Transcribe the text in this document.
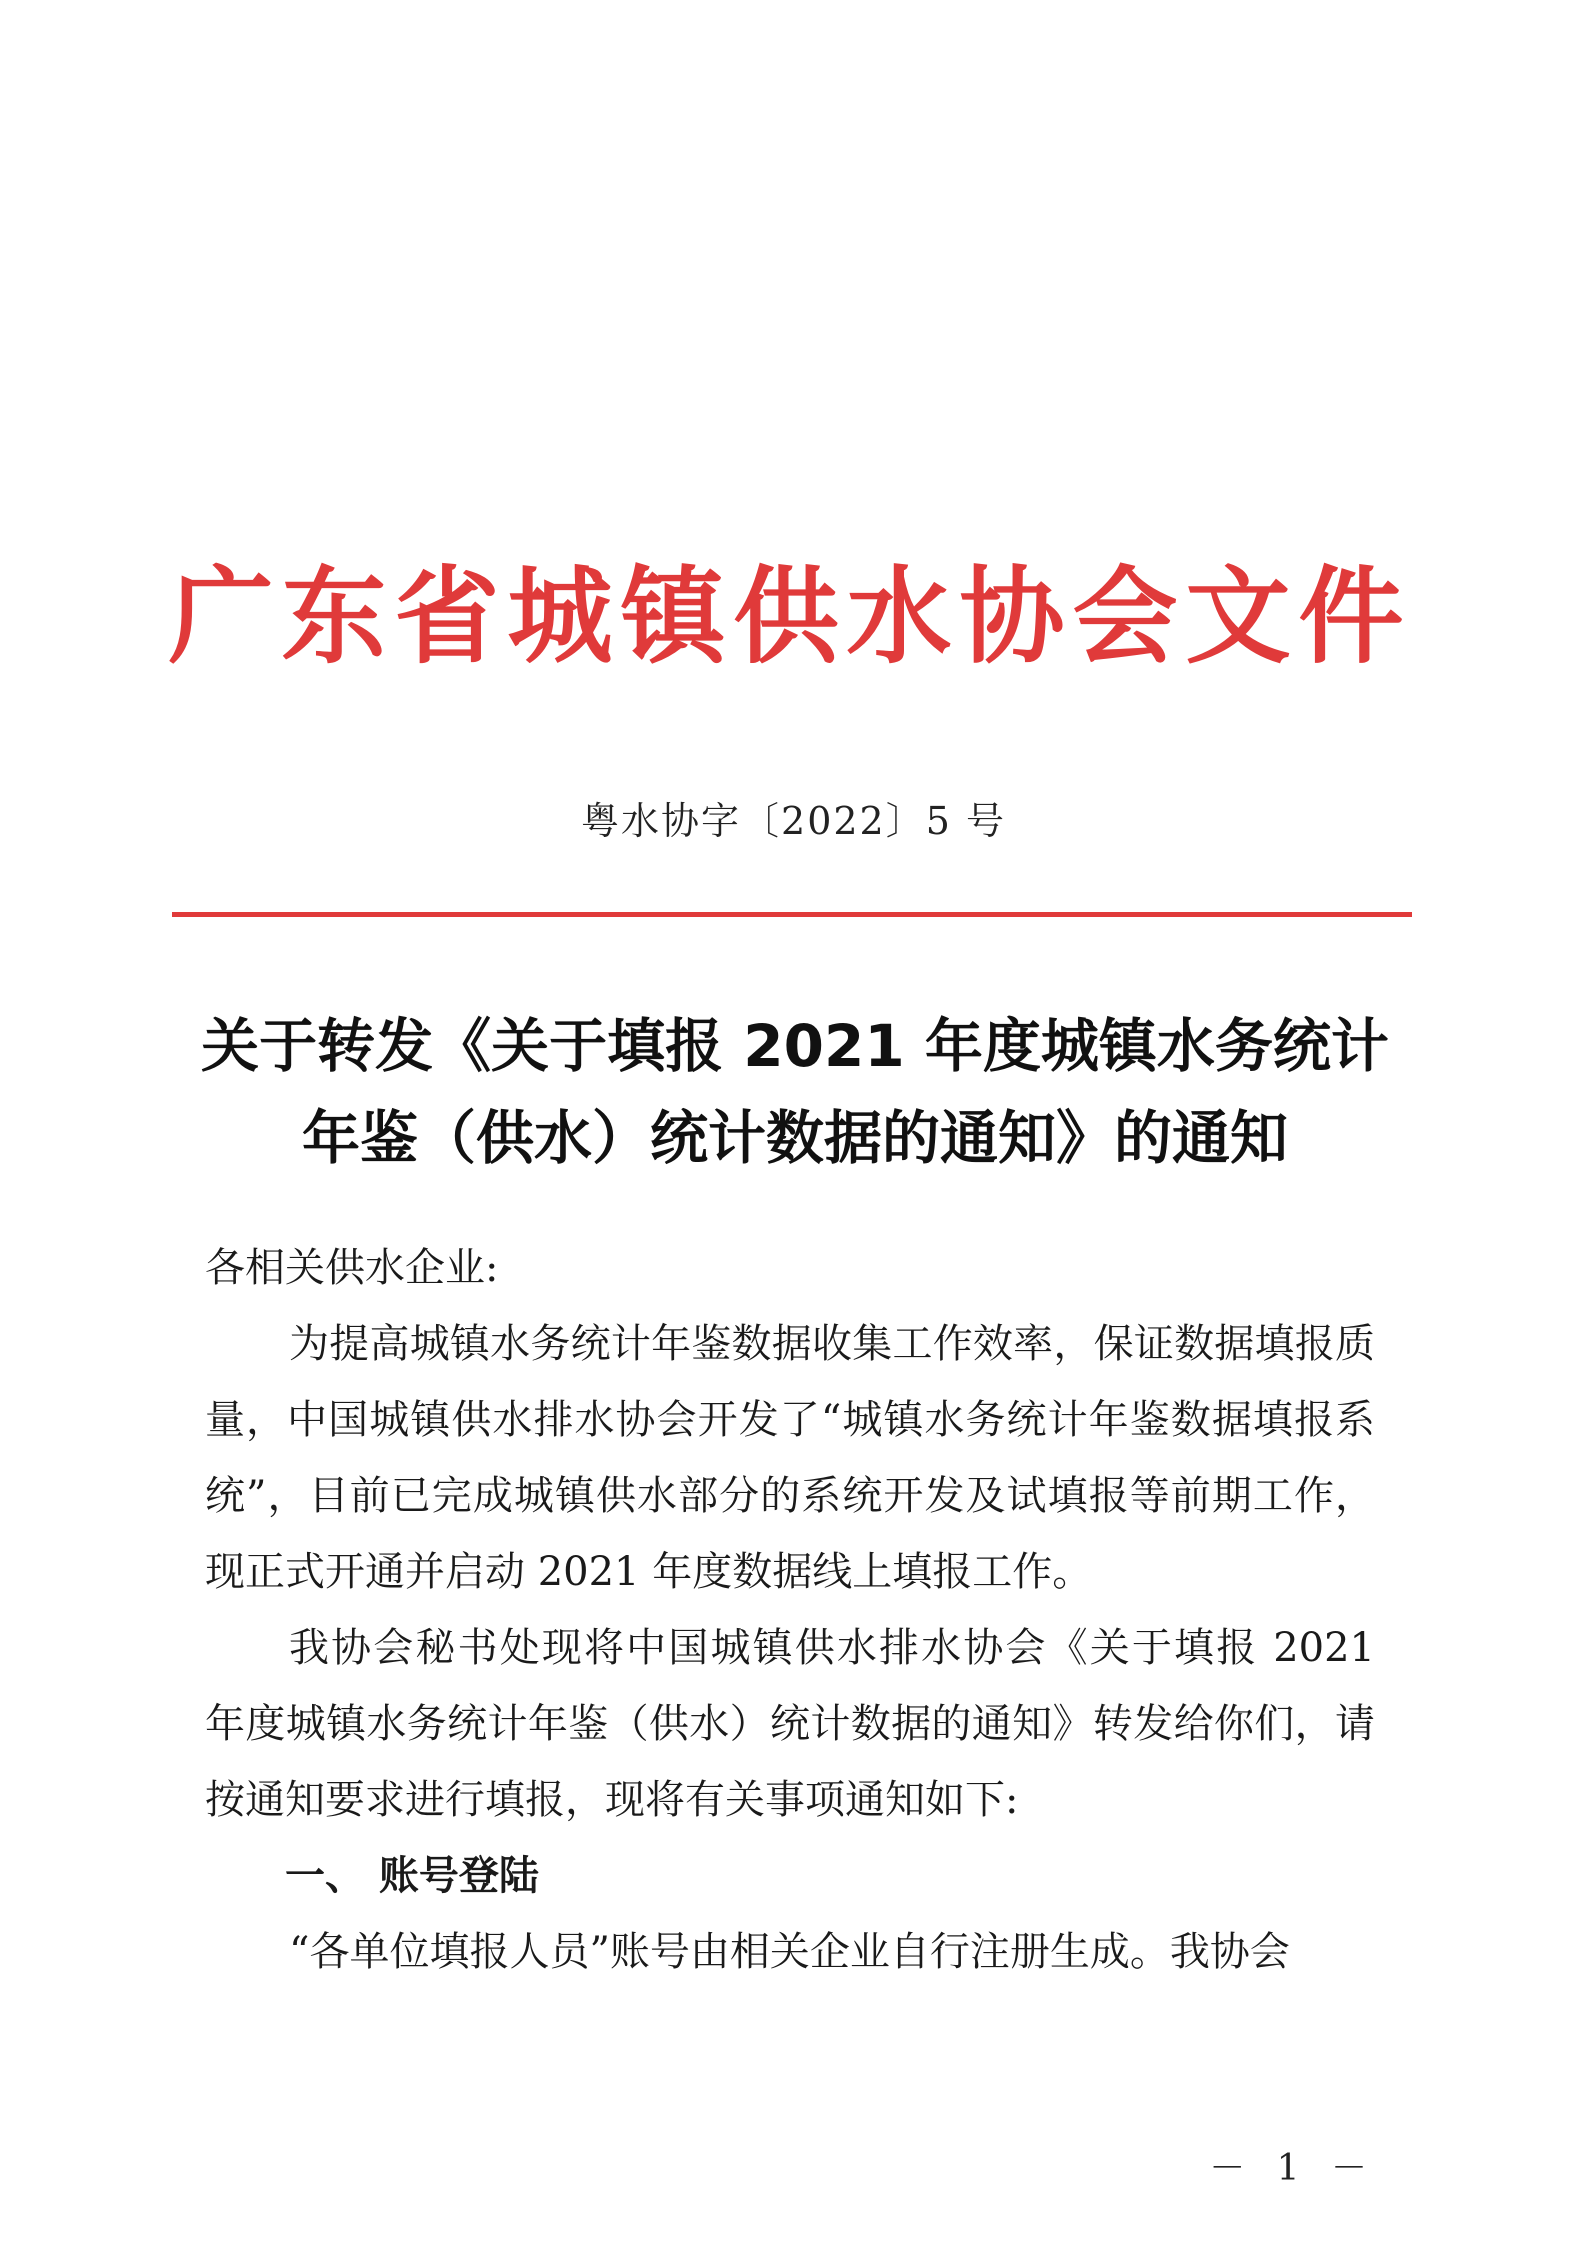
广东省城镇供水协会文件
粤水协字〔2022〕5 号
关于转发《关于填报 2021 年度城镇水务统计
年鉴（供水）统计数据的通知》的通知

各相关供水企业:

为提高城镇水务统计年鉴数据收集工作效率，保证数据填报质量，中国城镇供水排水协会开发了“城镇水务统计年鉴数据填报系统”，目前已完成城镇供水部分的系统开发及试填报等前期工作，现正式开通并启动 2021 年度数据线上填报工作。

我协会秘书处现将中国城镇供水排水协会《关于填报 2021 年度城镇水务统计年鉴（供水）统计数据的通知》转发给你们，请按通知要求进行填报，现将有关事项通知如下:

一、 账号登陆

“各单位填报人员”账号由相关企业自行注册生成。我协会

－ 1 －
